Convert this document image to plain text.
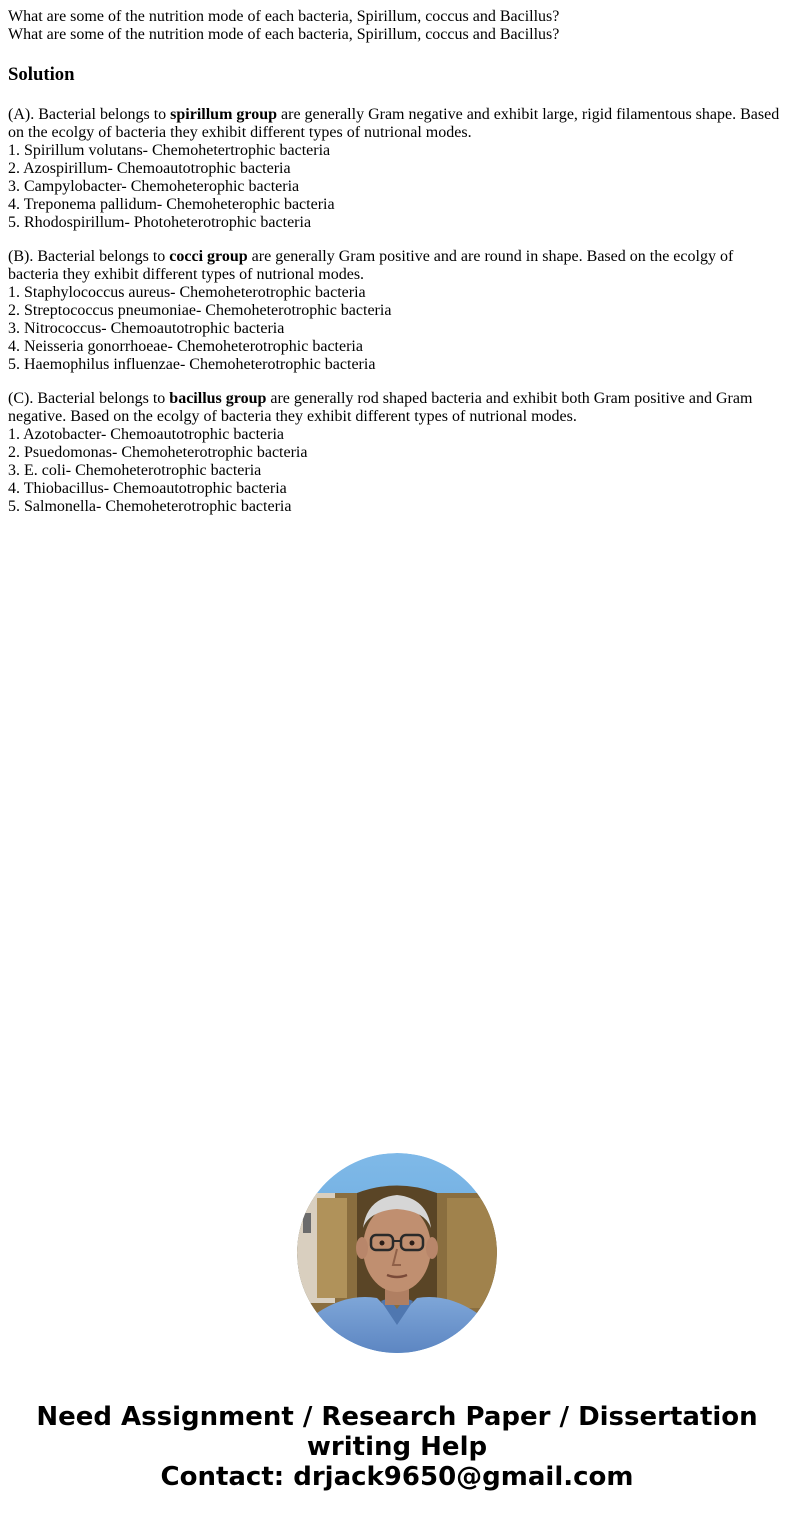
What are some of the nutrition mode of each bacteria, Spirillum, coccus and Bacillus?
What are some of the nutrition mode of each bacteria, Spirillum, coccus and Bacillus?
Solution
(A). Bacterial belongs to spirillum group are generally Gram negative and exhibit large, rigid filamentous shape. Based on the ecolgy of bacteria they exhibit different types of nutrional modes.
1. Spirillum volutans- Chemohetertrophic bacteria
2. Azospirillum- Chemoautotrophic bacteria
3. Campylobacter- Chemoheterophic bacteria
4. Treponema pallidum- Chemoheterophic bacteria
5. Rhodospirillum- Photoheterotrophic bacteria
(B). Bacterial belongs to cocci group are generally Gram positive and are round in shape. Based on the ecolgy of bacteria they exhibit different types of nutrional modes.
1. Staphylococcus aureus- Chemoheterotrophic bacteria
2. Streptococcus pneumoniae- Chemoheterotrophic bacteria
3. Nitrococcus- Chemoautotrophic bacteria
4. Neisseria gonorrhoeae- Chemoheterotrophic bacteria
5. Haemophilus influenzae- Chemoheterotrophic bacteria
(C). Bacterial belongs to bacillus group are generally rod shaped bacteria and exhibit both Gram positive and Gram negative. Based on the ecolgy of bacteria they exhibit different types of nutrional modes.
1. Azotobacter- Chemoautotrophic bacteria
2. Psuedomonas- Chemoheterotrophic bacteria
3. E. coli- Chemoheterotrophic bacteria
4. Thiobacillus- Chemoautotrophic bacteria
5. Salmonella- Chemoheterotrophic bacteria
Need Assignment / Research Paper / Dissertation
writing Help
Contact: drjack9650@gmail.com
